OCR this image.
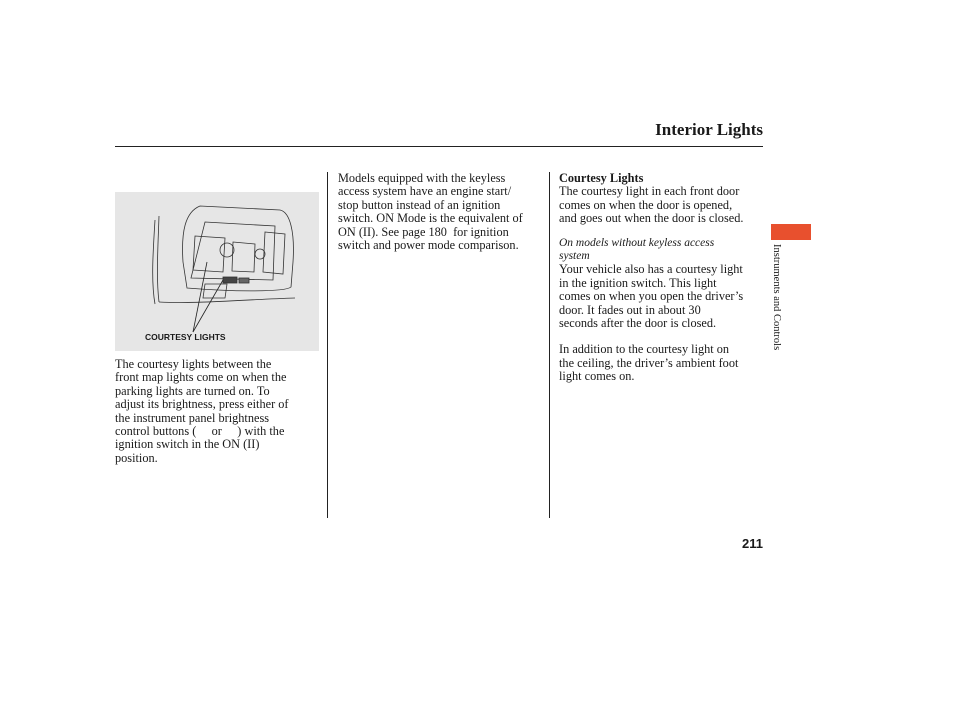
Interior Lights
COURTESY LIGHTS

The courtesy lights between the

front map lights come on when the

parking lights are turned on. To

adjust its brightness, press either of

the instrument panel brightness

control buttons (     or     ) with the

ignition switch in the ON (II)

position.

Models equipped with the keyless

access system have an engine start/

stop button instead of an ignition

switch. ON Mode is the equivalent of

ON (II). See page 180  for ignition

switch and power mode comparison.

Courtesy Lights

The courtesy light in each front door

comes on when the door is opened,

and goes out when the door is closed.

On models without keyless access

system

Your vehicle also has a courtesy light

in the ignition switch. This light

comes on when you open the driver’s

door. It fades out in about 30

seconds after the door is closed.

In addition to the courtesy light on

the ceiling, the driver’s ambient foot

light comes on.

Instruments and Controls
211
